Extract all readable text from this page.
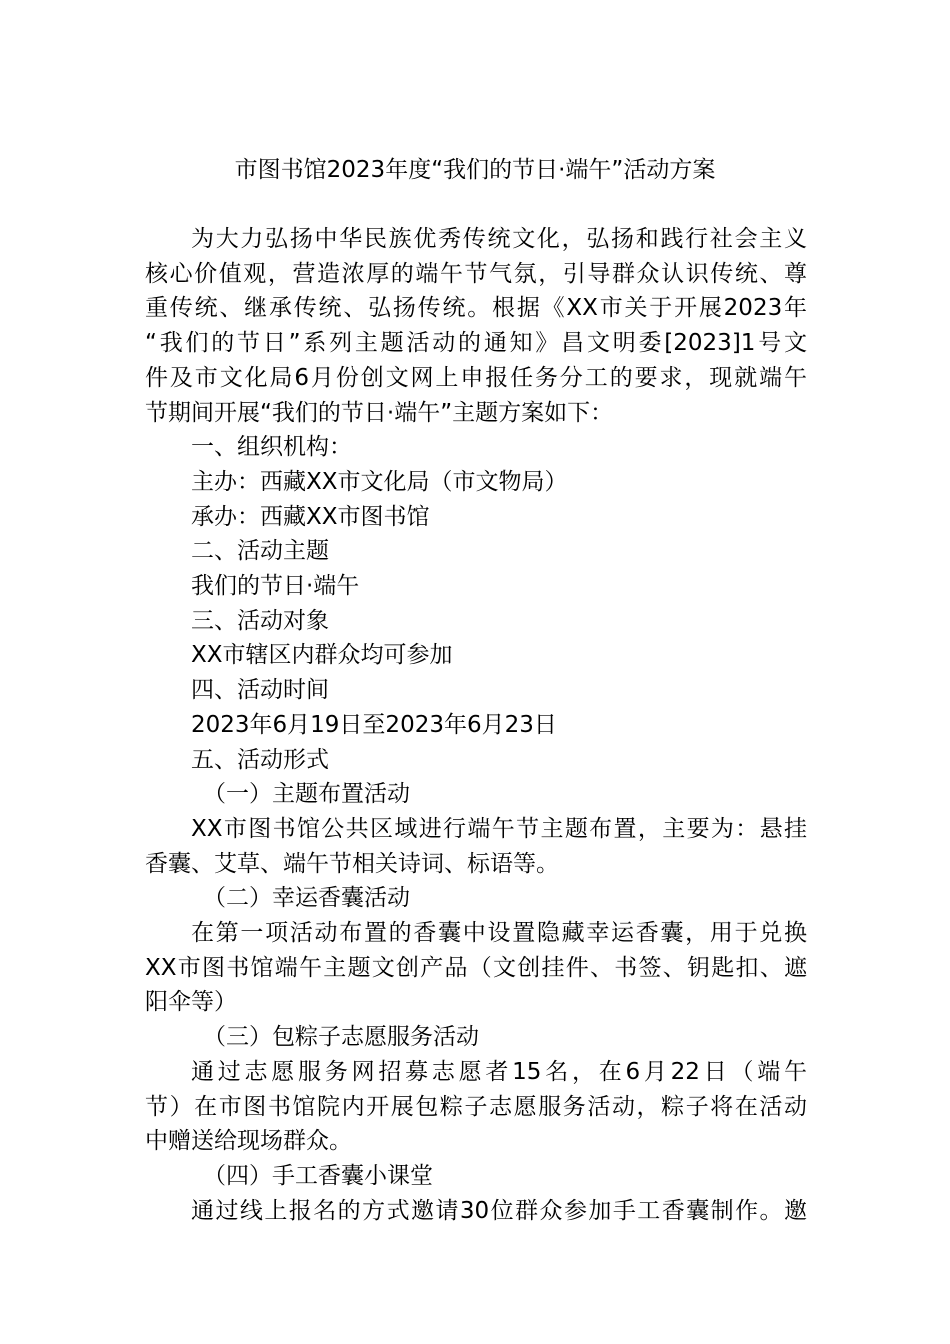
市图书馆2023年度“我们的节日·端午”活动方案
为大力弘扬中华民族优秀传统文化，弘扬和践行社会主义
核心价值观，营造浓厚的端午节气氛，引导群众认识传统、尊
重传统、继承传统、弘扬传统。根据《XX市关于开展2023年
“我们的节日”系列主题活动的通知》昌文明委[2023]1号文
件及市文化局6月份创文网上申报任务分工的要求，现就端午
节期间开展“我们的节日·端午”主题方案如下：
一、组织机构：
主办：西藏XX市文化局（市文物局）
承办：西藏XX市图书馆
二、活动主题
我们的节日·端午
三、活动对象
XX市辖区内群众均可参加
四、活动时间
2023年6月19日至2023年6月23日
五、活动形式
（一）主题布置活动
XX市图书馆公共区域进行端午节主题布置，主要为：悬挂
香囊、艾草、端午节相关诗词、标语等。
（二）幸运香囊活动
在第一项活动布置的香囊中设置隐藏幸运香囊，用于兑换
XX市图书馆端午主题文创产品（文创挂件、书签、钥匙扣、遮
阳伞等）
（三）包粽子志愿服务活动
通过志愿服务网招募志愿者15名，在6月22日（端午
节）在市图书馆院内开展包粽子志愿服务活动，粽子将在活动
中赠送给现场群众。
（四）手工香囊小课堂
通过线上报名的方式邀请30位群众参加手工香囊制作。邀
